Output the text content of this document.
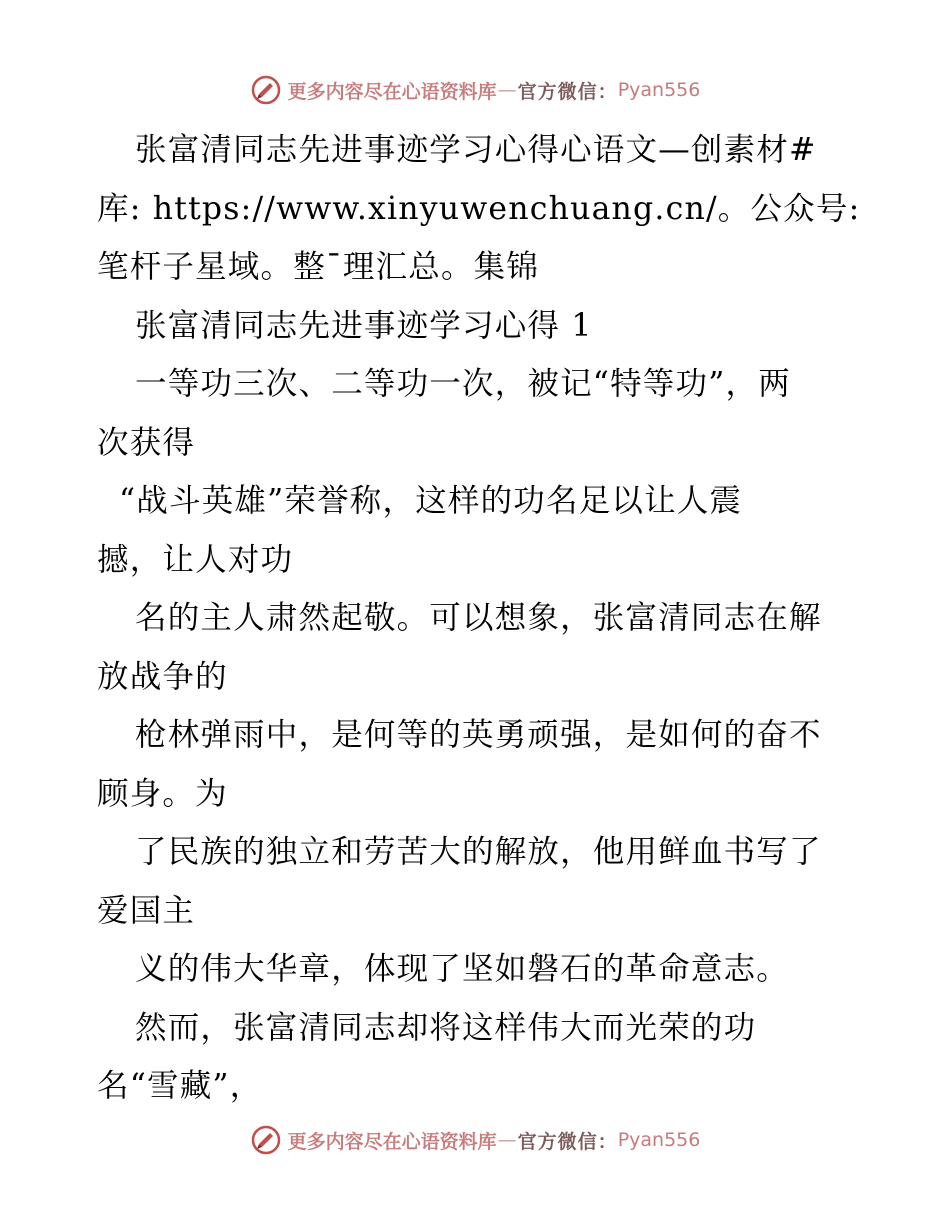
更多内容尽在心语资料库 — 官方微信： Pyan556
张富清同志先进事迹学习心得心语文—创素材#
库: https://www.xinyuwenchuang.cn/。公众号:
笔杆子星域。整¯理汇总。集锦
张富清同志先进事迹学习心得 1
一等功三次、二等功一次，被记“特等功”，两
次获得
“战斗英雄”荣誉称，这样的功名足以让人震
撼，让人对功
名的主人肃然起敬。可以想象，张富清同志在解
放战争的
枪林弹雨中，是何等的英勇顽强，是如何的奋不
顾身。为
了民族的独立和劳苦大的解放，他用鲜血书写了
爱国主
义的伟大华章，体现了坚如磐石的革命意志。
然而，张富清同志却将这样伟大而光荣的功
名“雪藏”，
更多内容尽在心语资料库 — 官方微信： Pyan556
